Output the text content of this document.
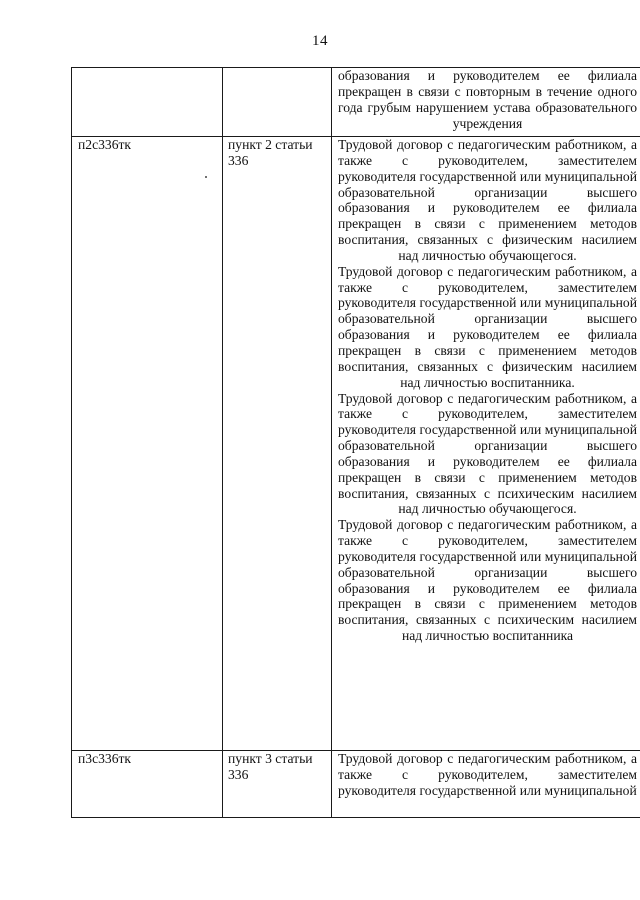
14

		образования и руководителем ее филиала прекращен в связи с повторным в течение одного года грубым нарушением устава образовательного учреждения

п2с336тк	пункт 2 статьи 336	Трудовой договор с педагогическим работником, а также с руководителем, заместителем руководителя государственной или муниципальной образовательной организации высшего образования и руководителем ее филиала прекращен в связи с применением методов воспитания, связанных с физическим насилием над личностью обучающегося.

Трудовой договор с педагогическим работником, а также с руководителем, заместителем руководителя государственной или муниципальной образовательной организации высшего образования и руководителем ее филиала прекращен в связи с применением методов воспитания, связанных с физическим насилием над личностью воспитанника.

Трудовой договор с педагогическим работником, а также с руководителем, заместителем руководителя государственной или муниципальной образовательной организации высшего образования и руководителем ее филиала прекращен в связи с применением методов воспитания, связанных с психическим насилием над личностью обучающегося.

Трудовой договор с педагогическим работником, а также с руководителем, заместителем руководителя государственной или муниципальной образовательной организации высшего образования и руководителем ее филиала прекращен в связи с применением методов воспитания, связанных с психическим насилием над личностью воспитанника

п3с336тк	пункт 3 статьи 336	Трудовой договор с педагогическим работником, а также с руководителем, заместителем руководителя государственной или муниципальной
